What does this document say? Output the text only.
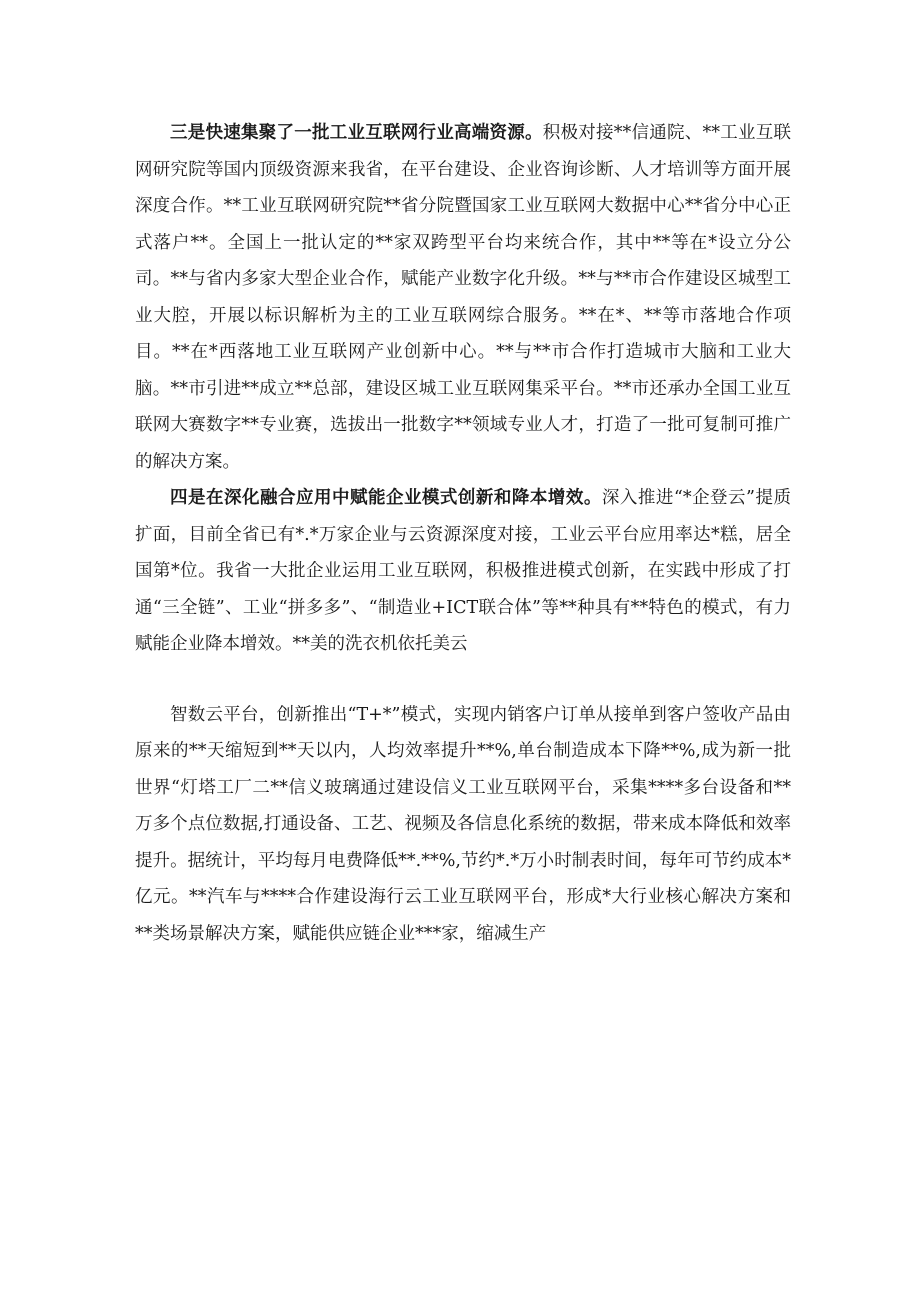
三是快速集聚了一批工业互联网行业高端资源。积极对接**信通院、**工业互联网研究院等国内顶级资源来我省，在平台建设、企业咨询诊断、人才培训等方面开展深度合作。**工业互联网研究院**省分院暨国家工业互联网大数据中心**省分中心正式落户**。全国上一批认定的**家双跨型平台均来统合作，其中**等在*设立分公司。**与省内多家大型企业合作，赋能产业数字化升级。**与**市合作建设区城型工业大腔，开展以标识解析为主的工业互联网综合服务。**在*、**等市落地合作项目。**在*西落地工业互联网产业创新中心。**与**市合作打造城市大脑和工业大脑。**市引进**成立**总部，建设区城工业互联网集采平台。**市还承办全国工业互联网大赛数字**专业赛，选拔出一批数字**领域专业人才，打造了一批可复制可推广的解决方案。

四是在深化融合应用中赋能企业模式创新和降本增效。深入推进“*企登云”提质扩面，目前全省已有*.*万家企业与云资源深度对接，工业云平台应用率达*糕，居全国第*位。我省一大批企业运用工业互联网，积极推进模式创新，在实践中形成了打通“三全链”、工业“拼多多”、“制造业+ICT联合体”等**种具有**特色的模式，有力赋能企业降本增效。**美的洗衣机依托美云

智数云平台，创新推出“T+*”模式，实现内销客户订单从接单到客户签收产品由原来的**天缩短到**天以内，人均效率提升**%,单台制造成本下降**%,成为新一批世界“灯塔工厂二**信义玻璃通过建设信义工业互联网平台，采集****多台设备和**万多个点位数据,打通设备、工艺、视频及各信息化系统的数据，带来成本降低和效率提升。据统计，平均每月电费降低**.**%,节约*.*万小时制表时间，每年可节约成本*亿元。**汽车与****合作建设海行云工业互联网平台，形成*大行业核心解决方案和**类场景解决方案，赋能供应链企业***家，缩减生产
